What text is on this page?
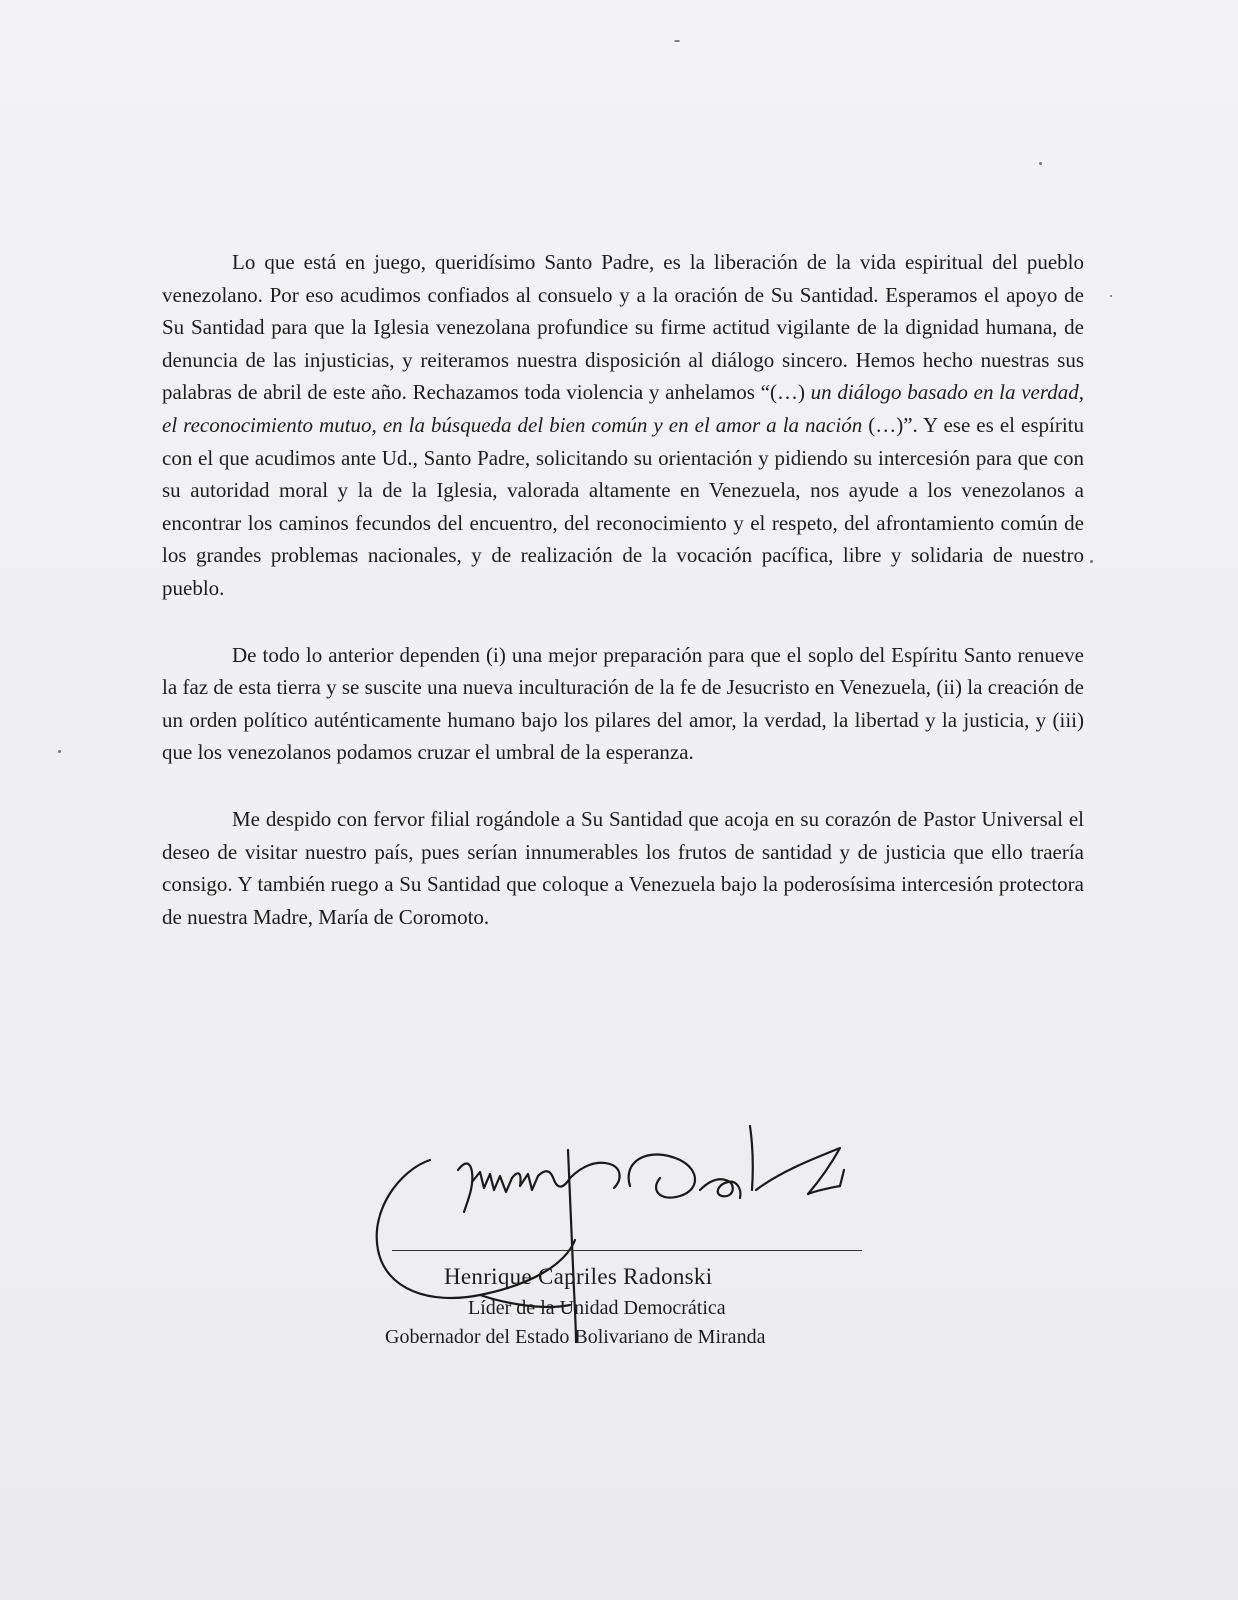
Lo que está en juego, queridísimo Santo Padre, es la liberación de la vida espiritual del pueblo venezolano. Por eso acudimos confiados al consuelo y a la oración de Su Santidad. Esperamos el apoyo de Su Santidad para que la Iglesia venezolana profundice su firme actitud vigilante de la dignidad humana, de denuncia de las injusticias, y reiteramos nuestra disposición al diálogo sincero. Hemos hecho nuestras sus palabras de abril de este año. Rechazamos toda violencia y anhelamos “(…) un diálogo basado en la verdad, el reconocimiento mutuo, en la búsqueda del bien común y en el amor a la nación (…)”. Y ese es el espíritu con el que acudimos ante Ud., Santo Padre, solicitando su orientación y pidiendo su intercesión para que con su autoridad moral y la de la Iglesia, valorada altamente en Venezuela, nos ayude a los venezolanos a encontrar los caminos fecundos del encuentro, del reconocimiento y el respeto, del afrontamiento común de los grandes problemas nacionales, y de realización de la vocación pacífica, libre y solidaria de nuestro pueblo.

De todo lo anterior dependen (i) una mejor preparación para que el soplo del Espíritu Santo renueve la faz de esta tierra y se suscite una nueva inculturación de la fe de Jesucristo en Venezuela, (ii) la creación de un orden político auténticamente humano bajo los pilares del amor, la verdad, la libertad y la justicia, y (iii) que los venezolanos podamos cruzar el umbral de la esperanza.

Me despido con fervor filial rogándole a Su Santidad que acoja en su corazón de Pastor Universal el deseo de visitar nuestro país, pues serían innumerables los frutos de santidad y de justicia que ello traería consigo. Y también ruego a Su Santidad que coloque a Venezuela bajo la poderosísima intercesión protectora de nuestra Madre, María de Coromoto.

Henrique Capriles Radonski
Líder de la Unidad Democrática
Gobernador del Estado Bolivariano de Miranda
